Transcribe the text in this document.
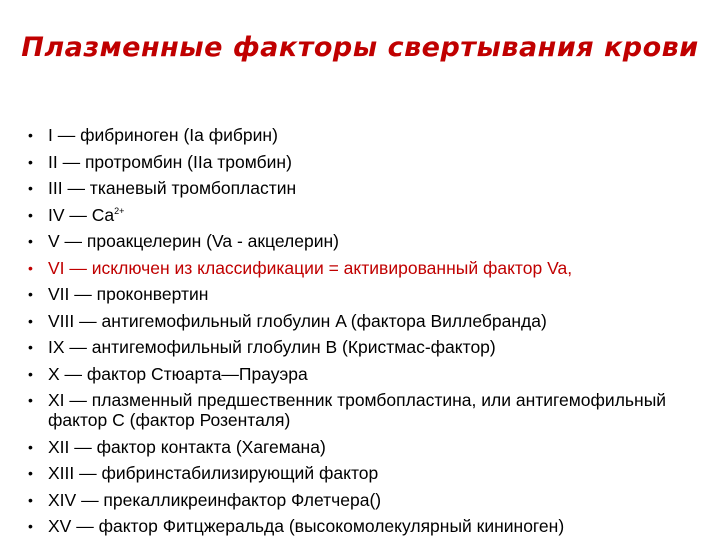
Плазменные факторы свертывания крови
• I — фибриноген (Ia фибрин)
• II — протромбин (IIa тромбин)
• III — тканевый тромбопластин
• IV — $Ca^{2+}$
• V — проакцелерин (Va - акцелерин)
• VI — исключен из классификации = активированный фактор Va,
• VII — проконвертин
• VIII — антигемофильный глобулин A (фактора Виллебранда)
• IX — антигемофильный глобулин B (Кристмас-фактор)
• X — фактор Стюарта—Прауэра
• XI — плазменный предшественник тромбопластина, или антигемофильный фактор C (фактор Розенталя)
• XII — фактор контакта (Хагемана)
• XIII — фибринстабилизирующий фактор
• XIV — прекалликреинфактор Флетчера()
• XV — фактор Фитцжеральда (высокомолекулярный кининоген)
